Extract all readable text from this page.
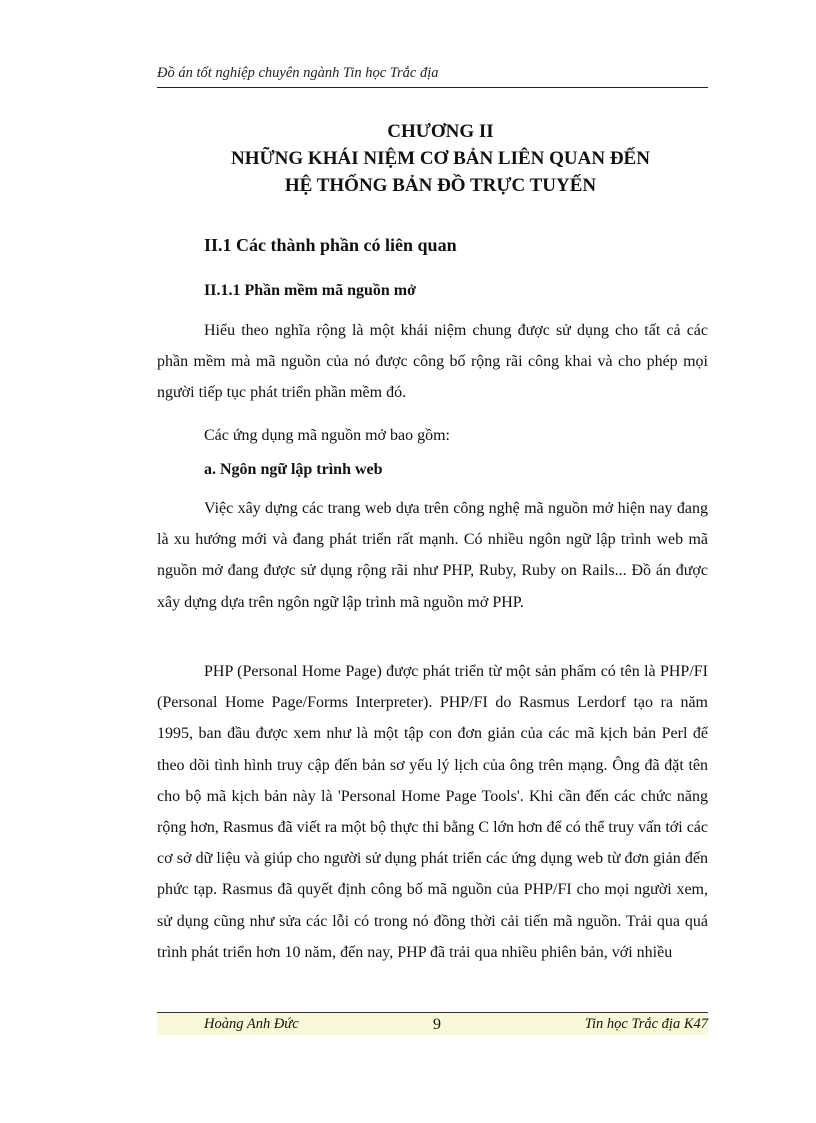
Đồ án tốt nghiệp chuyên ngành Tin học Trắc địa
CHƯƠNG II
NHỮNG KHÁI NIỆM CƠ BẢN LIÊN QUAN ĐẾN
HỆ THỐNG BẢN ĐỒ TRỰC TUYẾN
II.1 Các thành phần có liên quan
II.1.1 Phần mềm mã nguồn mở

Hiểu theo nghĩa rộng là một khái niệm chung được sử dụng cho tất cả các phần mềm mà mã nguồn của nó được công bố rộng rãi công khai và cho phép mọi người tiếp tục phát triển phần mềm đó.

Các ứng dụng mã nguồn mở bao gồm:

a. Ngôn ngữ lập trình web

Việc xây dựng các trang web dựa trên công nghệ mã nguồn mở hiện nay đang là xu hướng mới và đang phát triển rất mạnh. Có nhiều ngôn ngữ lập trình web mã nguồn mở đang được sử dụng rộng rãi như PHP, Ruby, Ruby on Rails... Đồ án được xây dựng dựa trên ngôn ngữ lập trình mã nguồn mở PHP.

PHP (Personal Home Page) được phát triển từ một sản phẩm có tên là PHP/FI (Personal Home Page/Forms Interpreter). PHP/FI do Rasmus Lerdorf tạo ra năm 1995, ban đầu được xem như là một tập con đơn giản của các mã kịch bản Perl để theo dõi tình hình truy cập đến bản sơ yếu lý lịch của ông trên mạng. Ông đã đặt tên cho bộ mã kịch bản này là 'Personal Home Page Tools'. Khi cần đến các chức năng rộng hơn, Rasmus đã viết ra một bộ thực thi bằng C lớn hơn để có thể truy vấn tới các cơ sở dữ liệu và giúp cho người sử dụng phát triển các ứng dụng web từ đơn giản đến phức tạp. Rasmus đã quyết định công bố mã nguồn của PHP/FI cho mọi người xem, sử dụng cũng như sửa các lỗi có trong nó đồng thời cải tiến mã nguồn. Trải qua quá trình phát triển hơn 10 năm, đến nay, PHP đã trải qua nhiều phiên bản, với nhiều

Hoàng Anh Đức	9	Tin học Trắc địa K47
